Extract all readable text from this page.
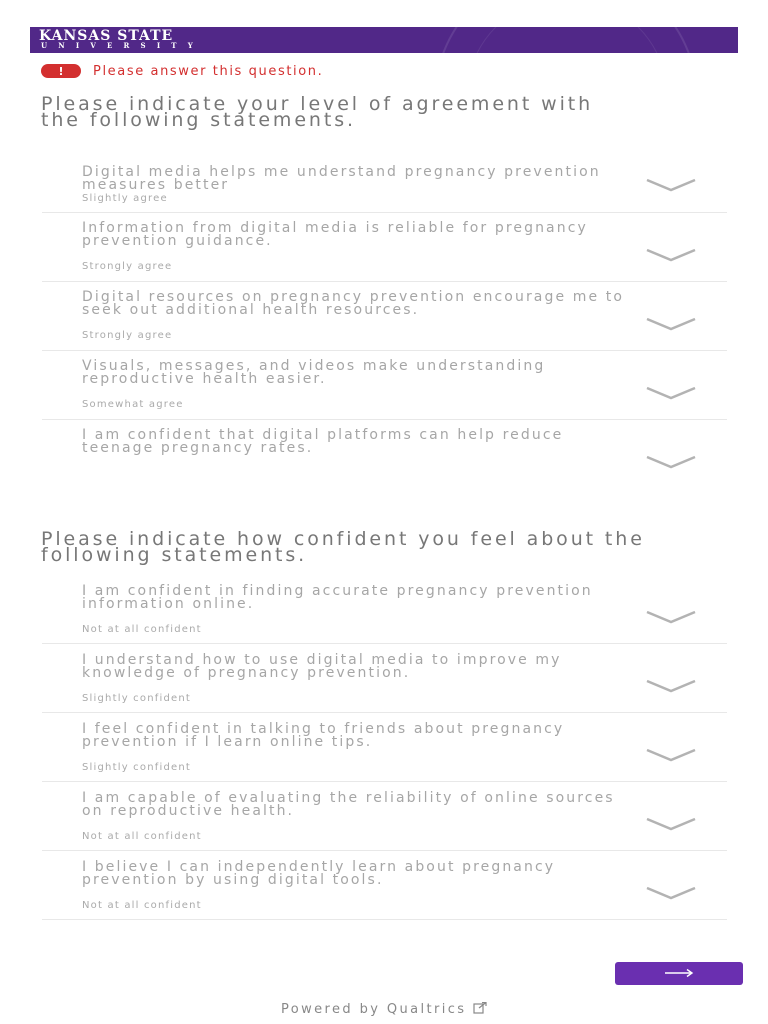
KANSAS STATE
UNIVERSITY
!	Please answer this question.
Please indicate your level of agreement with the following statements.
Digital media helps me understand pregnancy prevention measures better
Slightly agree
Information from digital media is reliable for pregnancy prevention guidance.
Strongly agree
Digital resources on pregnancy prevention encourage me to seek out additional health resources.
Strongly agree
Visuals, messages, and videos make understanding reproductive health easier.
Somewhat agree
I am confident that digital platforms can help reduce teenage pregnancy rates.
Please indicate how confident you feel about the following statements.
I am confident in finding accurate pregnancy prevention information online.
Not at all confident
I understand how to use digital media to improve my knowledge of pregnancy prevention.
Slightly confident
I feel confident in talking to friends about pregnancy prevention if I learn online tips.
Slightly confident
I am capable of evaluating the reliability of online sources on reproductive health.
Not at all confident
I believe I can independently learn about pregnancy prevention by using digital tools.
Not at all confident
Powered by Qualtrics
